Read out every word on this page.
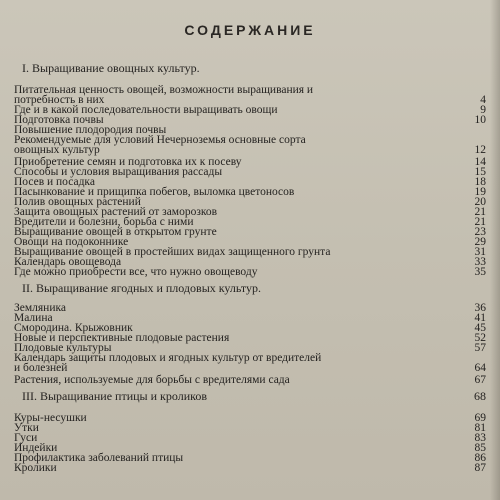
СОДЕРЖАНИЕ
I. Выращивание овощных культур.
Питательная ценность овощей, возможности выращивания и
потребность в них	4
Где и в какой последовательности выращивать овощи	9
Подготовка почвы	10
Повышение плодородия почвы
Рекомендуемые для условий Нечерноземья основные сорта
овощных культур	12
Приобретение семян и подготовка их к посеву	14
Способы и условия выращивания рассады	15
Посев и посадка	18
Пасынкование и прищипка побегов, выломка цветоносов	19
Полив овощных растений	20
Защита овощных растений от заморозков	21
Вредители и болезни, борьба с ними	21
Выращивание овощей в открытом грунте	23
Овощи на подоконнике	29
Выращивание овощей в простейших видах защищенного грунта	31
Календарь овощевода	33
Где можно приобрести все, что нужно овощеводу	35
II. Выращивание ягодных и плодовых культур.
Земляника	36
Малина	41
Смородина. Крыжовник	45
Новые и перспективные плодовые растения	52
Плодовые культуры	57
Календарь защиты плодовых и ягодных культур от вредителей
и болезней	64
Растения, используемые для борьбы с вредителями сада	67
III. Выращивание птицы и кроликов	68
Куры-несушки	69
Утки	81
Гуси	83
Индейки	85
Профилактика заболеваний птицы	86
Кролики	87
